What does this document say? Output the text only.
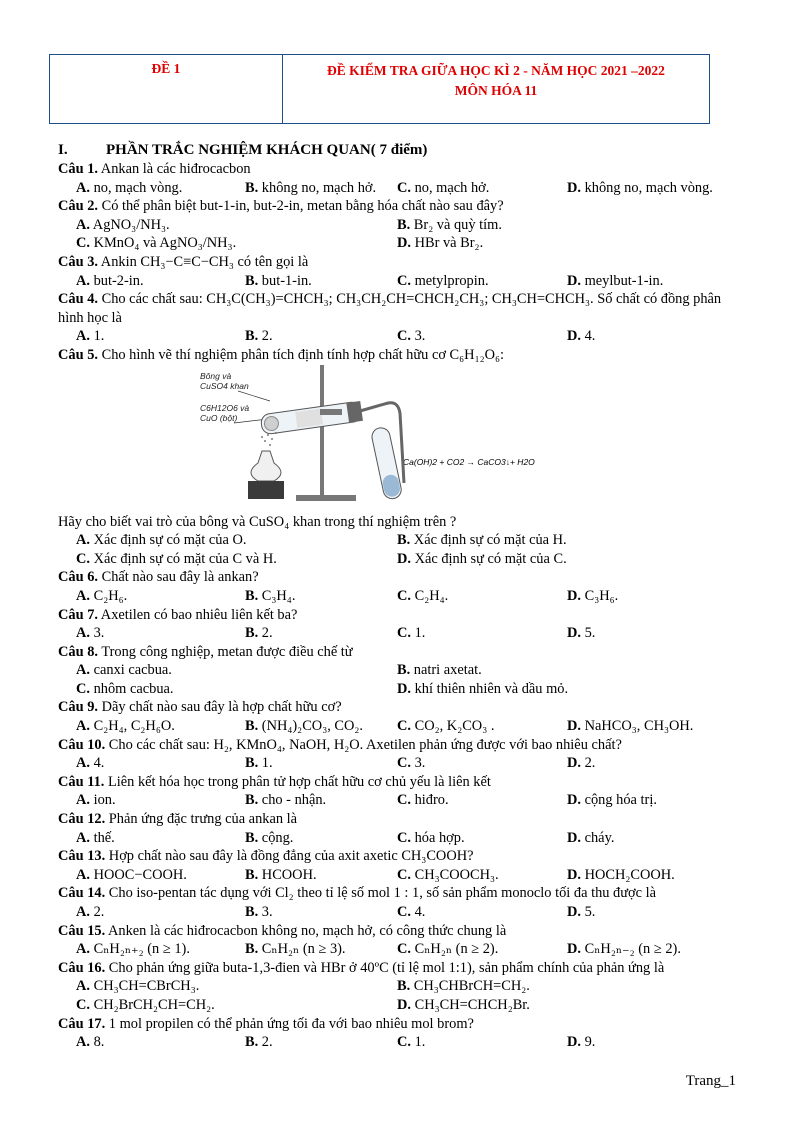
ĐỀ 1	ĐỀ KIỂM TRA GIỮA HỌC KÌ 2 - NĂM HỌC 2021 –2022
MÔN HÓA 11
I.	PHẦN TRẮC NGHIỆM KHÁCH QUAN( 7 điểm)
Câu 1. Ankan là các hiđrocacbon
A. no, mạch vòng.	B. không no, mạch hở.	C. no, mạch hở.	D. không no, mạch vòng.
Câu 2. Có thể phân biệt but-1-in, but-2-in, metan bằng hóa chất nào sau đây?
A. AgNO₃/NH₃.	B. Br₂ và quỳ tím.
C. KMnO₄ và AgNO₃/NH₃.	D. HBr và Br₂.
Câu 3. Ankin CH₃−C≡C−CH₃ có tên gọi là
A. but-2-in.	B. but-1-in.	C. metylpropin.	D. meylbut-1-in.
Câu 4. Cho các chất sau: CH₃C(CH₃)=CHCH₃; CH₃CH₂CH=CHCH₂CH₃; CH₃CH=CHCH₃. Số chất có đồng phân hình học là
A. 1.	B. 2.	C. 3.	D. 4.
Câu 5. Cho hình vẽ thí nghiệm phân tích định tính hợp chất hữu cơ C₆H₁₂O₆:
Bông và
CuSO4 khan
C6H12O6 và
CuO (bột)
Ca(OH)2 + CO2 → CaCO3↓+ H2O
Hãy cho biết vai trò của bông và CuSO₄ khan trong thí nghiệm trên ?
A. Xác định sự có mặt của O.	B. Xác định sự có mặt của H.
C. Xác định sự có mặt của C và H.	D. Xác định sự có mặt của C.
Câu 6. Chất nào sau đây là ankan?
A. C₂H₆.	B. C₃H₄.	C. C₂H₄.	D. C₃H₆.
Câu 7. Axetilen có bao nhiêu liên kết ba?
A. 3.	B. 2.	C. 1.	D. 5.
Câu 8. Trong công nghiệp, metan được điều chế từ
A. canxi cacbua.	B. natri axetat.
C. nhôm cacbua.	D. khí thiên nhiên và dầu mỏ.
Câu 9. Dãy chất nào sau đây là hợp chất hữu cơ?
A. C₂H₄, C₂H₆O.	B. (NH₄)₂CO₃, CO₂.	C. CO₂, K₂CO₃ .	D. NaHCO₃, CH₃OH.
Câu 10. Cho các chất sau: H₂, KMnO₄, NaOH, H₂O. Axetilen phản ứng được với bao nhiêu chất?
A. 4.	B. 1.	C. 3.	D. 2.
Câu 11. Liên kết hóa học trong phân tử hợp chất hữu cơ chủ yếu là liên kết
A. ion.	B. cho - nhận.	C. hiđro.	D. cộng hóa trị.
Câu 12. Phản ứng đặc trưng của ankan là
A. thế.	B. cộng.	C. hóa hợp.	D. cháy.
Câu 13. Hợp chất nào sau đây là đồng đẳng của axit axetic CH₃COOH?
A. HOOC−COOH.	B. HCOOH.	C. CH₃COOCH₃.	D. HOCH₂COOH.
Câu 14. Cho iso-pentan tác dụng với Cl₂ theo tỉ lệ số mol 1 : 1, số sản phẩm monoclo tối đa thu được là
A. 2.	B. 3.	C. 4.	D. 5.
Câu 15. Anken là các hiđrocacbon không no, mạch hở, có công thức chung là
A. CₙH₂ₙ₊₂ (n ≥ 1).	B. CₙH₂ₙ (n ≥ 3).	C. CₙH₂ₙ (n ≥ 2).	D. CₙH₂ₙ₋₂ (n ≥ 2).
Câu 16. Cho phản ứng giữa buta-1,3-đien và HBr ở 40ºC (tỉ lệ mol 1:1), sản phẩm chính của phản ứng là
A. CH₃CH=CBrCH₃.	B. CH₃CHBrCH=CH₂.
C. CH₂BrCH₂CH=CH₂.	D. CH₃CH=CHCH₂Br.
Câu 17. 1 mol propilen có thể phản ứng tối đa với bao nhiêu mol brom?
A. 8.	B. 2.	C. 1.	D. 9.
Trang_1
